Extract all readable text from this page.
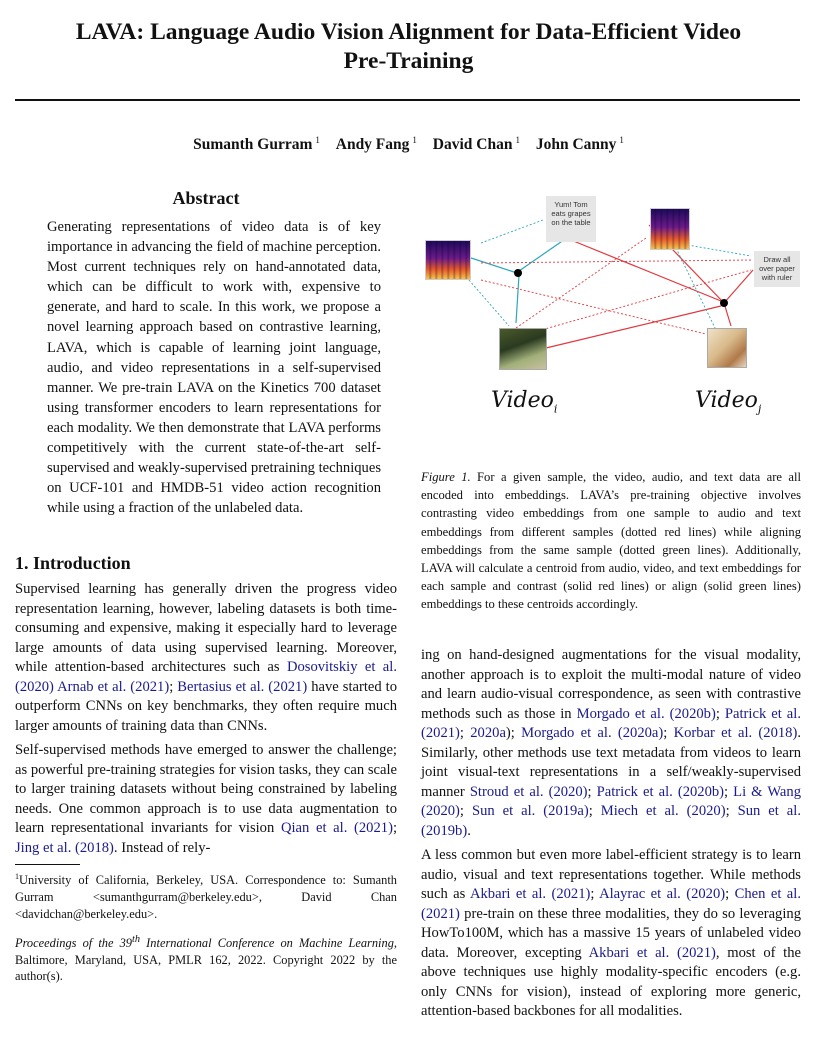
LAVA: Language Audio Vision Alignment for Data-Efficient Video
Pre-Training
Sumanth Gurram $^1$ Andy Fang $^1$ David Chan $^1$ John Canny $^1$
Abstract
Generating representations of video data is of key importance in advancing the field of machine perception. Most current techniques rely on hand-annotated data, which can be difficult to work with, expensive to generate, and hard to scale. In this work, we propose a novel learning approach based on contrastive learning, LAVA, which is capable of learning joint language, audio, and video representations in a self-supervised manner. We pre-train LAVA on the Kinetics 700 dataset using transformer encoders to learn representations for each modality. We then demonstrate that LAVA performs competitively with the current state-of-the-art self-supervised and weakly-supervised pretraining techniques on UCF-101 and HMDB-51 video action recognition while using a fraction of the unlabeled data.
1. Introduction

Supervised learning has generally driven the progress video representation learning, however, labeling datasets is both time-consuming and expensive, making it especially hard to leverage large amounts of data using supervised learning. Moreover, while attention-based architectures such as Dosovitskiy et al. (2020) Arnab et al. (2021); Bertasius et al. (2021) have started to outperform CNNs on key benchmarks, they often require much larger amounts of training data than CNNs.

Self-supervised methods have emerged to answer the challenge; as powerful pre-training strategies for vision tasks, they can scale to larger training datasets without being constrained by labeling needs. One common approach is to use data augmentation to learn representational invariants for vision Qian et al. (2021); Jing et al. (2018). Instead of rely-

$^1$University of California, Berkeley, USA. Correspondence to: Sumanth Gurram <sumanthgurram@berkeley.edu>, David Chan <davidchan@berkeley.edu>.
Proceedings of the 39th International Conference on Machine Learning, Baltimore, Maryland, USA, PMLR 162, 2022. Copyright 2022 by the author(s).
Yum! Tom eats grapes on the table
Draw all over paper with ruler
Video$_i$	Video$_j$
Figure 1. For a given sample, the video, audio, and text data are all encoded into embeddings. LAVA’s pre-training objective involves contrasting video embeddings from one sample to audio and text embeddings from different samples (dotted red lines) while aligning embeddings from the same sample (dotted green lines). Additionally, LAVA will calculate a centroid from audio, video, and text embeddings for each sample and contrast (solid red lines) or align (solid green lines) embeddings to these centroids accordingly.

ing on hand-designed augmentations for the visual modality, another approach is to exploit the multi-modal nature of video and learn audio-visual correspondence, as seen with contrastive methods such as those in Morgado et al. (2020b); Patrick et al. (2021); 2020a); Morgado et al. (2020a); Korbar et al. (2018). Similarly, other methods use text metadata from videos to learn joint visual-text representations in a self/weakly-supervised manner Stroud et al. (2020); Patrick et al. (2020b); Li & Wang (2020); Sun et al. (2019a); Miech et al. (2020); Sun et al. (2019b).

A less common but even more label-efficient strategy is to learn audio, visual and text representations together. While methods such as Akbari et al. (2021); Alayrac et al. (2020); Chen et al. (2021) pre-train on these three modalities, they do so leveraging HowTo100M, which has a massive 15 years of unlabeled video data. Moreover, excepting Akbari et al. (2021), most of the above techniques use highly modality-specific encoders (e.g. only CNNs for vision), instead of exploring more generic, attention-based backbones for all modalities.
